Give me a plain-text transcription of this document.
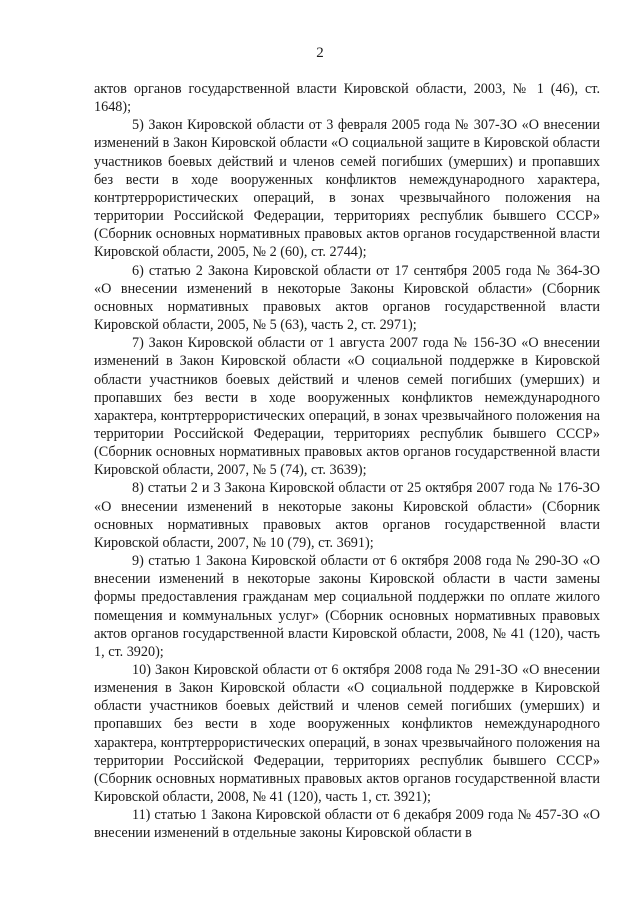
2

актов органов государственной власти Кировской области, 2003, № 1 (46), ст. 1648);

5) Закон Кировской области от 3 февраля 2005 года № 307-ЗО «О внесении изменений в Закон Кировской области «О социальной защите в Кировской области участников боевых действий и членов семей погибших (умерших) и пропавших без вести в ходе вооруженных конфликтов немеждународного характера, контртеррористических операций, в зонах чрезвычайного положения на территории Российской Федерации, территориях республик бывшего СССР» (Сборник основных нормативных правовых актов органов государственной власти Кировской области, 2005, № 2 (60), ст. 2744);

6) статью 2 Закона Кировской области от 17 сентября 2005 года № 364-ЗО «О внесении изменений в некоторые Законы Кировской области» (Сборник основных нормативных правовых актов органов государственной власти Кировской области, 2005, № 5 (63), часть 2, ст. 2971);

7) Закон Кировской области от 1 августа 2007 года № 156-ЗО «О внесении изменений в Закон Кировской области «О социальной поддержке в Кировской области участников боевых действий и членов семей погибших (умерших) и пропавших без вести в ходе вооруженных конфликтов немеждународного характера, контртеррористических операций, в зонах чрезвычайного положения на территории Российской Федерации, территориях республик бывшего СССР» (Сборник основных нормативных правовых актов органов государственной власти Кировской области, 2007, № 5 (74), ст. 3639);

8) статьи 2 и 3 Закона Кировской области от 25 октября 2007 года № 176-ЗО «О внесении изменений в некоторые законы Кировской области» (Сборник основных нормативных правовых актов органов государственной власти Кировской области, 2007, № 10 (79), ст. 3691);

9) статью 1 Закона Кировской области от 6 октября 2008 года № 290-ЗО «О внесении изменений в некоторые законы Кировской области в части замены формы предоставления гражданам мер социальной поддержки по оплате жилого помещения и коммунальных услуг» (Сборник основных нормативных правовых актов органов государственной власти Кировской области, 2008, № 41 (120), часть 1, ст. 3920);

10) Закон Кировской области от 6 октября 2008 года № 291-ЗО «О внесении изменения в Закон Кировской области «О социальной поддержке в Кировской области участников боевых действий и членов семей погибших (умерших) и пропавших без вести в ходе вооруженных конфликтов немеждународного характера, контртеррористических операций, в зонах чрезвычайного положения на территории Российской Федерации, территориях республик бывшего СССР» (Сборник основных нормативных правовых актов органов государственной власти Кировской области, 2008, № 41 (120), часть 1, ст. 3921);

11) статью 1 Закона Кировской области от 6 декабря 2009 года № 457-ЗО «О внесении изменений в отдельные законы Кировской области в
